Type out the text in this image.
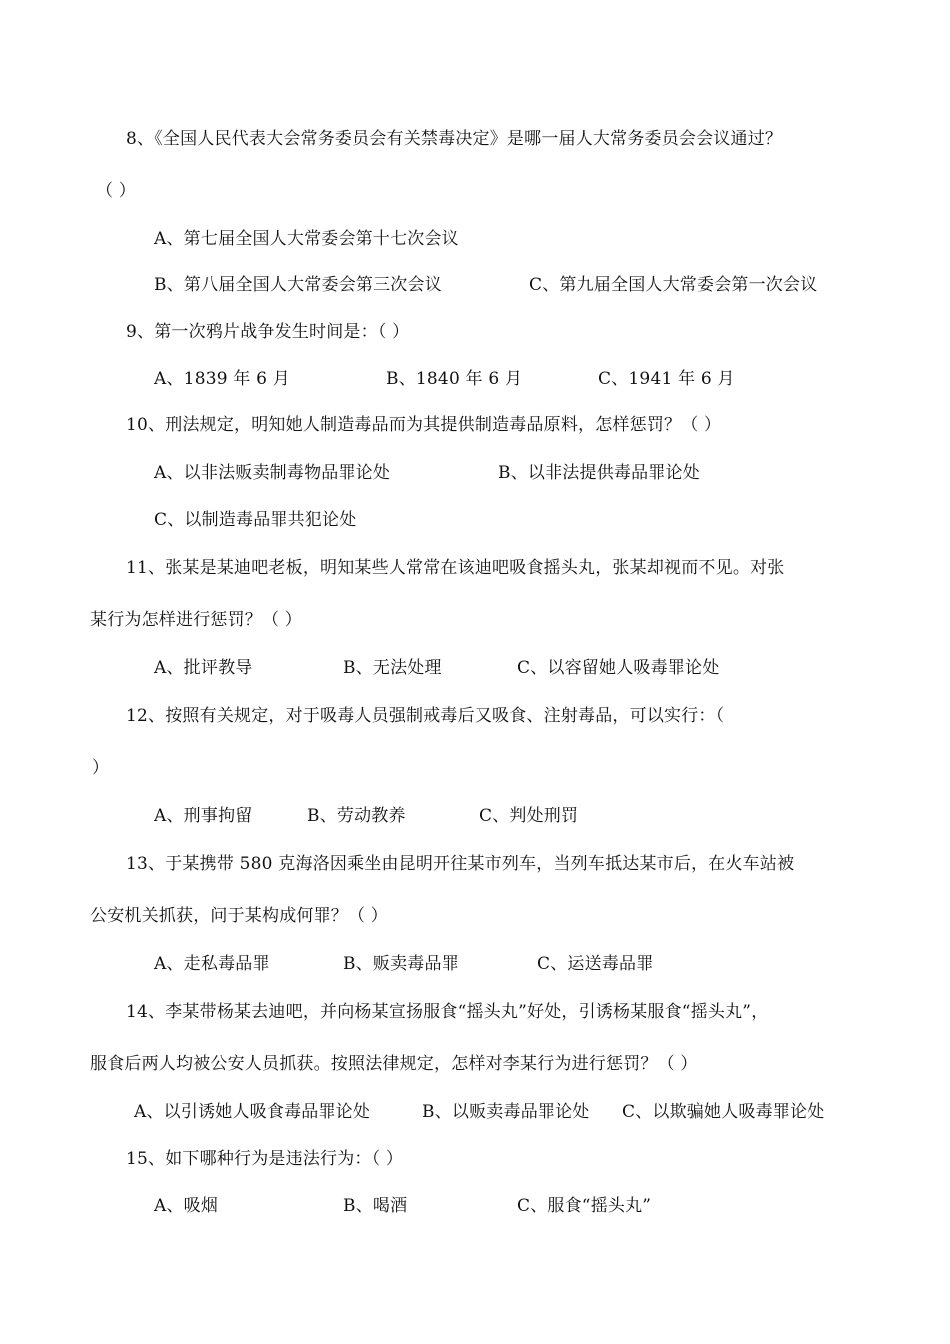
8、《全国人民代表大会常务委员会有关禁毒决定》是哪一届人大常务委员会会议通过？
（ ）
A、第七届全国人大常委会第十七次会议
B、第八届全国人大常委会第三次会议	C、第九届全国人大常委会第一次会议
9、第一次鸦片战争发生时间是：（ ）
A、1839 年 6 月	B、1840 年 6 月	C、1941 年 6 月
10、刑法规定，明知她人制造毒品而为其提供制造毒品原料，怎样惩罚？（ ）
A、以非法贩卖制毒物品罪论处	B、以非法提供毒品罪论处
C、以制造毒品罪共犯论处
11、张某是某迪吧老板，明知某些人常常在该迪吧吸食摇头丸，张某却视而不见。对张
某行为怎样进行惩罚？（ ）
A、批评教导	B、无法处理	C、以容留她人吸毒罪论处
12、按照有关规定，对于吸毒人员强制戒毒后又吸食、注射毒品，可以实行：（
）
A、刑事拘留	B、劳动教养	C、判处刑罚
13、于某携带 580 克海洛因乘坐由昆明开往某市列车，当列车抵达某市后，在火车站被
公安机关抓获，问于某构成何罪？（ ）
A、走私毒品罪	B、贩卖毒品罪	C、运送毒品罪
14、李某带杨某去迪吧，并向杨某宣扬服食“摇头丸”好处，引诱杨某服食“摇头丸”，
服食后两人均被公安人员抓获。按照法律规定，怎样对李某行为进行惩罚？（ ）
A、以引诱她人吸食毒品罪论处	B、以贩卖毒品罪论处 C、以欺骗她人吸毒罪论处
15、如下哪种行为是违法行为：（ ）
A、吸烟	B、喝酒	C、服食“摇头丸”
